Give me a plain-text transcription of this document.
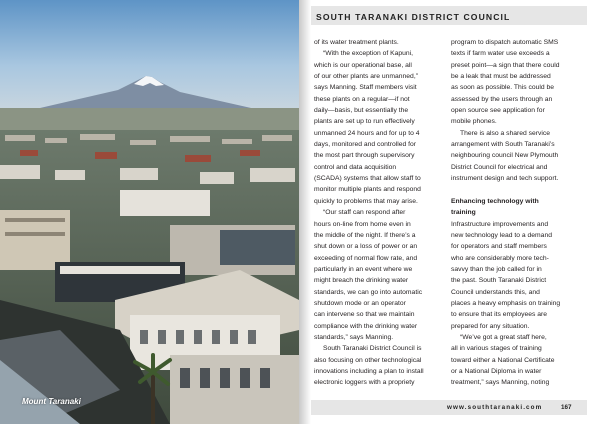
Mount Taranaki
SOUTH TARANAKI DISTRICT COUNCIL
of its water treatment plants.
“With the exception of Kapuni,
which is our operational base, all
of our other plants are unmanned,”
says Manning. Staff members visit
these plants on a regular—if not
daily—basis, but essentially the
plants are set up to run effectively
unmanned 24 hours and for up to 4
days, monitored and controlled for
the most part through supervisory
control and data acquisition
(SCADA) systems that allow staff to
monitor multiple plants and respond
quickly to problems that may arise.
“Our staff can respond after
hours on-line from home even in
the middle of the night. If there’s a
shut down or a loss of power or an
exceeding of normal flow rate, and
particularly in an event where we
might breach the drinking water
standards, we can go into automatic
shutdown mode or an operator
can intervene so that we maintain
compliance with the drinking water
standards,” says Manning.
South Taranaki District Council is
also focusing on other technological
innovations including a plan to install
electronic loggers with a propriety
program to dispatch automatic SMS
texts if farm water use exceeds a
preset point—a sign that there could
be a leak that must be addressed
as soon as possible. This could be
assessed by the users through an
open source see application for
mobile phones.
There is also a shared service
arrangement with South Taranaki’s
neighbouring council New Plymouth
District Council for electrical and
instrument design and tech support.
Enhancing technology with
training
Infrastructure improvements and
new technology lead to a demand
for operators and staff members
who are considerably more tech-
savvy than the job called for in
the past. South Taranaki District
Council understands this, and
places a heavy emphasis on training
to ensure that its employees are
prepared for any situation.
“We’ve got a great staff here,
all in various stages of training
toward either a National Certificate
or a National Diploma in water
treatment,” says Manning, noting
www.southtaranaki.com	167
